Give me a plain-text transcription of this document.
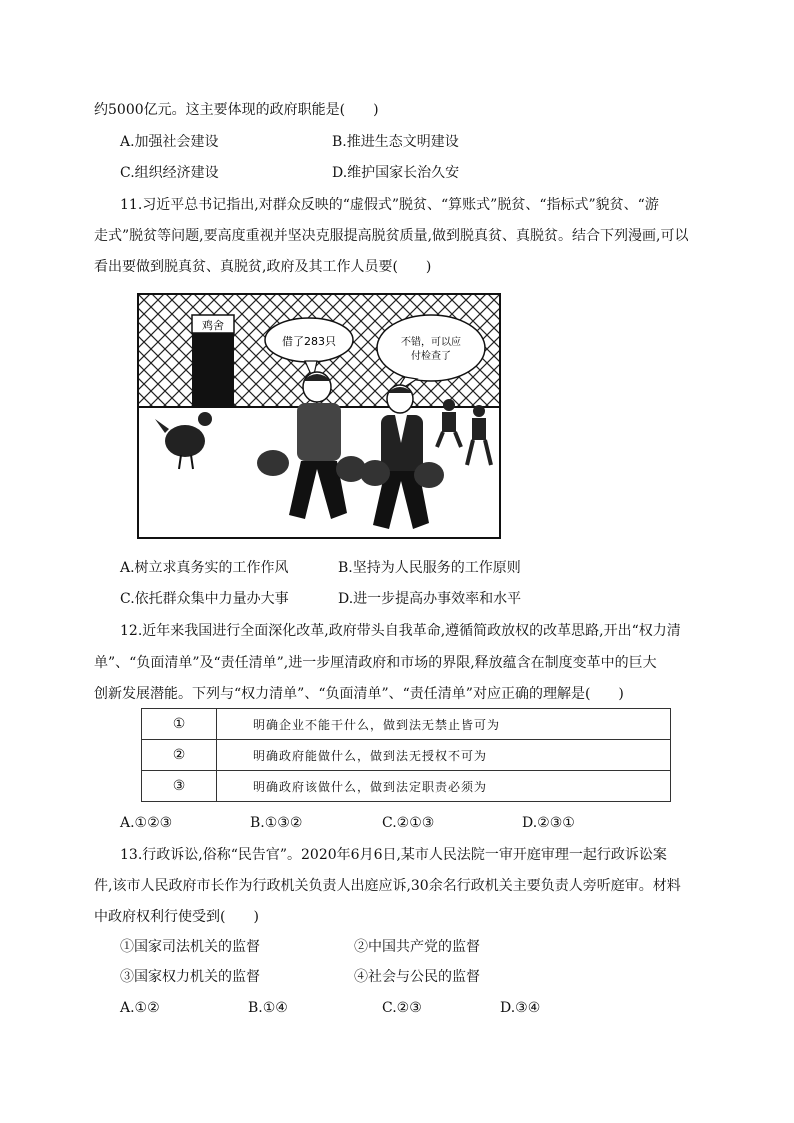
约5000亿元。这主要体现的政府职能是(　　)
A.加强社会建设	B.推进生态文明建设
C.组织经济建设	D.维护国家长治久安
11.习近平总书记指出,对群众反映的“虚假式”脱贫、“算账式”脱贫、“指标式”貌贫、“游
走式”脱贫等问题,要高度重视并坚决克服提高脱贫质量,做到脱真贫、真脱贫。结合下列漫画,可以
看出要做到脱真贫、真脱贫,政府及其工作人员要(　　)
鸡舍
借了283只	不错，可以应
付检查了
A.树立求真务实的工作作风	B.坚持为人民服务的工作原则
C.依托群众集中力量办大事	D.进一步提高办事效率和水平
12.近年来我国进行全面深化改革,政府带头自我革命,遵循简政放权的改革思路,开出“权力清
单”、“负面清单”及“责任清单”,进一步厘清政府和市场的界限,释放蕴含在制度变革中的巨大
创新发展潜能。下列与“权力清单”、“负面清单”、“责任清单”对应正确的理解是(　　)
①	明确企业不能干什么，做到法无禁止皆可为
②	明确政府能做什么，做到法无授权不可为
③	明确政府该做什么，做到法定职责必须为
A.①②③	B.①③②	C.②①③	D.②③①
13.行政诉讼,俗称“民告官”。2020年6月6日,某市人民法院一审开庭审理一起行政诉讼案
件,该市人民政府市长作为行政机关负责人出庭应诉,30余名行政机关主要负责人旁听庭审。材料
中政府权利行使受到(　　)
①国家司法机关的监督	②中国共产党的监督
③国家权力机关的监督	④社会与公民的监督
A.①②	B.①④	C.②③	D.③④
